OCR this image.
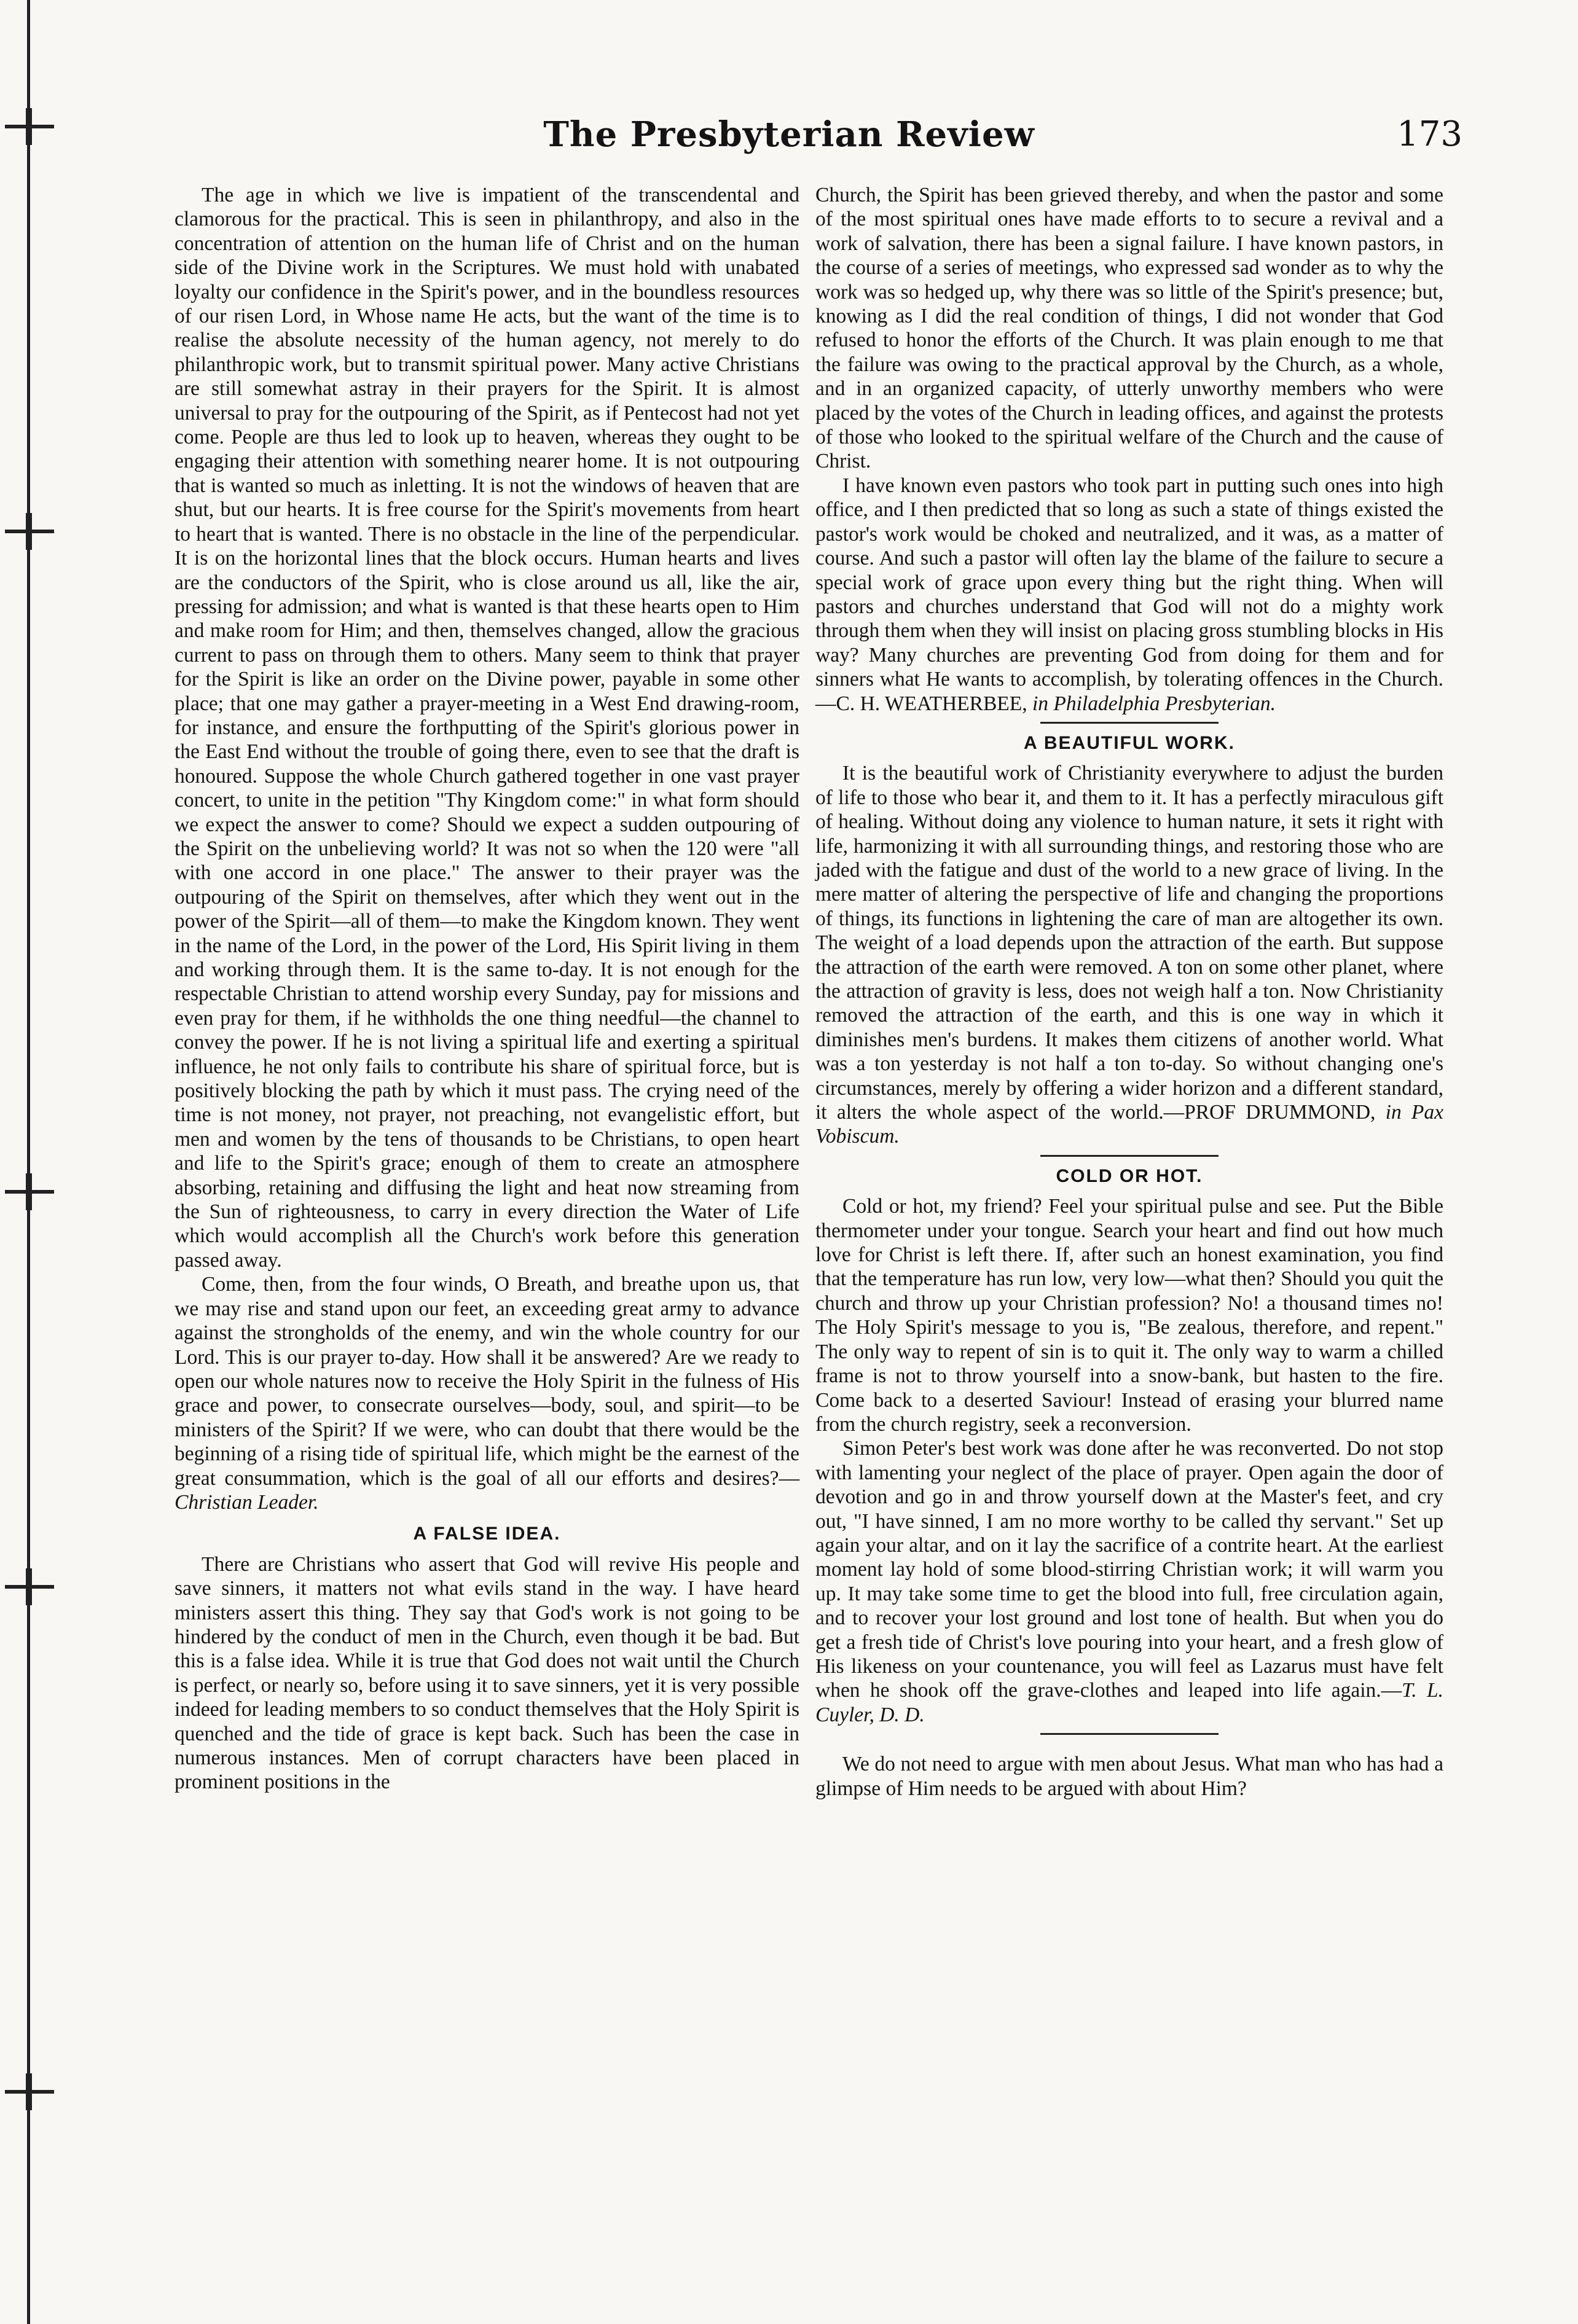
The Presbyterian Review	173

The age in which we live is impatient of the transcendental and clamorous for the practical. This is seen in philanthropy, and also in the concentration of attention on the human life of Christ and on the human side of the Divine work in the Scriptures. We must hold with unabated loyalty our confidence in the Spirit's power, and in the boundless resources of our risen Lord, in Whose name He acts, but the want of the time is to realise the absolute necessity of the human agency, not merely to do philanthropic work, but to transmit spiritual power. Many active Christians are still somewhat astray in their prayers for the Spirit. It is almost universal to pray for the outpouring of the Spirit, as if Pentecost had not yet come. People are thus led to look up to heaven, whereas they ought to be engaging their attention with something nearer home. It is not outpouring that is wanted so much as inletting. It is not the windows of heaven that are shut, but our hearts. It is free course for the Spirit's movements from heart to heart that is wanted. There is no obstacle in the line of the perpendicular. It is on the horizontal lines that the block occurs. Human hearts and lives are the conductors of the Spirit, who is close around us all, like the air, pressing for admission; and what is wanted is that these hearts open to Him and make room for Him; and then, themselves changed, allow the gracious current to pass on through them to others. Many seem to think that prayer for the Spirit is like an order on the Divine power, payable in some other place; that one may gather a prayer-meeting in a West End drawing-room, for instance, and ensure the forthputting of the Spirit's glorious power in the East End without the trouble of going there, even to see that the draft is honoured. Suppose the whole Church gathered together in one vast prayer concert, to unite in the petition "Thy Kingdom come:" in what form should we expect the answer to come? Should we expect a sudden outpouring of the Spirit on the unbelieving world? It was not so when the 120 were "all with one accord in one place." The answer to their prayer was the outpouring of the Spirit on themselves, after which they went out in the power of the Spirit—all of them—to make the Kingdom known. They went in the name of the Lord, in the power of the Lord, His Spirit living in them and working through them. It is the same to-day. It is not enough for the respectable Christian to attend worship every Sunday, pay for missions and even pray for them, if he withholds the one thing needful—the channel to convey the power. If he is not living a spiritual life and exerting a spiritual influence, he not only fails to contribute his share of spiritual force, but is positively blocking the path by which it must pass. The crying need of the time is not money, not prayer, not preaching, not evangelistic effort, but men and women by the tens of thousands to be Christians, to open heart and life to the Spirit's grace; enough of them to create an atmosphere absorbing, retaining and diffusing the light and heat now streaming from the Sun of righteousness, to carry in every direction the Water of Life which would accomplish all the Church's work before this generation passed away.

Come, then, from the four winds, O Breath, and breathe upon us, that we may rise and stand upon our feet, an exceeding great army to advance against the strongholds of the enemy, and win the whole country for our Lord. This is our prayer to-day. How shall it be answered? Are we ready to open our whole natures now to receive the Holy Spirit in the fulness of His grace and power, to consecrate ourselves—body, soul, and spirit—to be ministers of the Spirit? If we were, who can doubt that there would be the beginning of a rising tide of spiritual life, which might be the earnest of the great consummation, which is the goal of all our efforts and desires?—Christian Leader.

A FALSE IDEA.

There are Christians who assert that God will revive His people and save sinners, it matters not what evils stand in the way. I have heard ministers assert this thing. They say that God's work is not going to be hindered by the conduct of men in the Church, even though it be bad. But this is a false idea. While it is true that God does not wait until the Church is perfect, or nearly so, before using it to save sinners, yet it is very possible indeed for leading members to so conduct themselves that the Holy Spirit is quenched and the tide of grace is kept back. Such has been the case in numerous instances. Men of corrupt characters have been placed in prominent positions in the

Church, the Spirit has been grieved thereby, and when the pastor and some of the most spiritual ones have made efforts to to secure a revival and a work of salvation, there has been a signal failure. I have known pastors, in the course of a series of meetings, who expressed sad wonder as to why the work was so hedged up, why there was so little of the Spirit's presence; but, knowing as I did the real condition of things, I did not wonder that God refused to honor the efforts of the Church. It was plain enough to me that the failure was owing to the practical approval by the Church, as a whole, and in an organized capacity, of utterly unworthy members who were placed by the votes of the Church in leading offices, and against the protests of those who looked to the spiritual welfare of the Church and the cause of Christ.

I have known even pastors who took part in putting such ones into high office, and I then predicted that so long as such a state of things existed the pastor's work would be choked and neutralized, and it was, as a matter of course. And such a pastor will often lay the blame of the failure to secure a special work of grace upon every thing but the right thing. When will pastors and churches understand that God will not do a mighty work through them when they will insist on placing gross stumbling blocks in His way? Many churches are preventing God from doing for them and for sinners what He wants to accomplish, by tolerating offences in the Church.—C. H. WEATHERBEE, in Philadelphia Presbyterian.

A BEAUTIFUL WORK.

It is the beautiful work of Christianity everywhere to adjust the burden of life to those who bear it, and them to it. It has a perfectly miraculous gift of healing. Without doing any violence to human nature, it sets it right with life, harmonizing it with all surrounding things, and restoring those who are jaded with the fatigue and dust of the world to a new grace of living. In the mere matter of altering the perspective of life and changing the proportions of things, its functions in lightening the care of man are altogether its own. The weight of a load depends upon the attraction of the earth. But suppose the attraction of the earth were removed. A ton on some other planet, where the attraction of gravity is less, does not weigh half a ton. Now Christianity removed the attraction of the earth, and this is one way in which it diminishes men's burdens. It makes them citizens of another world. What was a ton yesterday is not half a ton to-day. So without changing one's circumstances, merely by offering a wider horizon and a different standard, it alters the whole aspect of the world.—PROF DRUMMOND, in Pax Vobiscum.

COLD OR HOT.

Cold or hot, my friend? Feel your spiritual pulse and see. Put the Bible thermometer under your tongue. Search your heart and find out how much love for Christ is left there. If, after such an honest examination, you find that the temperature has run low, very low—what then? Should you quit the church and throw up your Christian profession? No! a thousand times no! The Holy Spirit's message to you is, "Be zealous, therefore, and repent." The only way to repent of sin is to quit it. The only way to warm a chilled frame is not to throw yourself into a snow-bank, but hasten to the fire. Come back to a deserted Saviour! Instead of erasing your blurred name from the church registry, seek a reconversion.

Simon Peter's best work was done after he was reconverted. Do not stop with lamenting your neglect of the place of prayer. Open again the door of devotion and go in and throw yourself down at the Master's feet, and cry out, "I have sinned, I am no more worthy to be called thy servant." Set up again your altar, and on it lay the sacrifice of a contrite heart. At the earliest moment lay hold of some blood-stirring Christian work; it will warm you up. It may take some time to get the blood into full, free circulation again, and to recover your lost ground and lost tone of health. But when you do get a fresh tide of Christ's love pouring into your heart, and a fresh glow of His likeness on your countenance, you will feel as Lazarus must have felt when he shook off the grave-clothes and leaped into life again.—T. L. Cuyler, D. D.

We do not need to argue with men about Jesus. What man who has had a glimpse of Him needs to be argued with about Him?
